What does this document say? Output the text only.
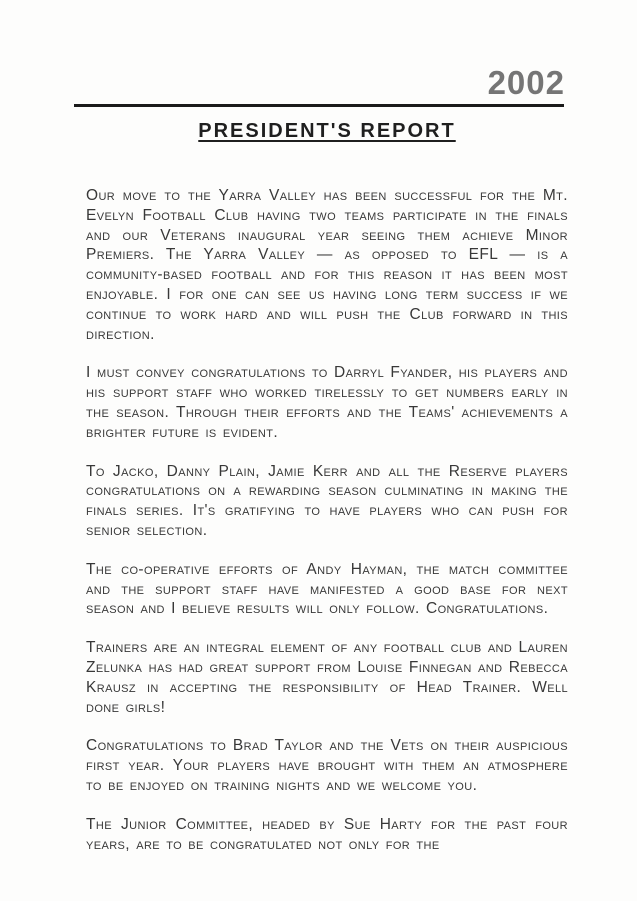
2002
PRESIDENT'S REPORT

Our move to the Yarra Valley has been successful for the Mt. Evelyn Football Club having two teams participate in the finals and our Veterans inaugural year seeing them achieve Minor Premiers. The Yarra Valley — as opposed to EFL — is a community-based football and for this reason it has been most enjoyable. I for one can see us having long term success if we continue to work hard and will push the Club forward in this direction.

I must convey congratulations to Darryl Fyander, his players and his support staff who worked tirelessly to get numbers early in the season. Through their efforts and the Teams' achievements a brighter future is evident.

To Jacko, Danny Plain, Jamie Kerr and all the Reserve players congratulations on a rewarding season culminating in making the finals series. It's gratifying to have players who can push for senior selection.

The co-operative efforts of Andy Hayman, the match committee and the support staff have manifested a good base for next season and I believe results will only follow. Congratulations.

Trainers are an integral element of any football club and Lauren Zelunka has had great support from Louise Finnegan and Rebecca Krausz in accepting the responsibility of Head Trainer. Well done girls!

Congratulations to Brad Taylor and the Vets on their auspicious first year. Your players have brought with them an atmosphere to be enjoyed on training nights and we welcome you.

The Junior Committee, headed by Sue Harty for the past four years, are to be congratulated not only for the
